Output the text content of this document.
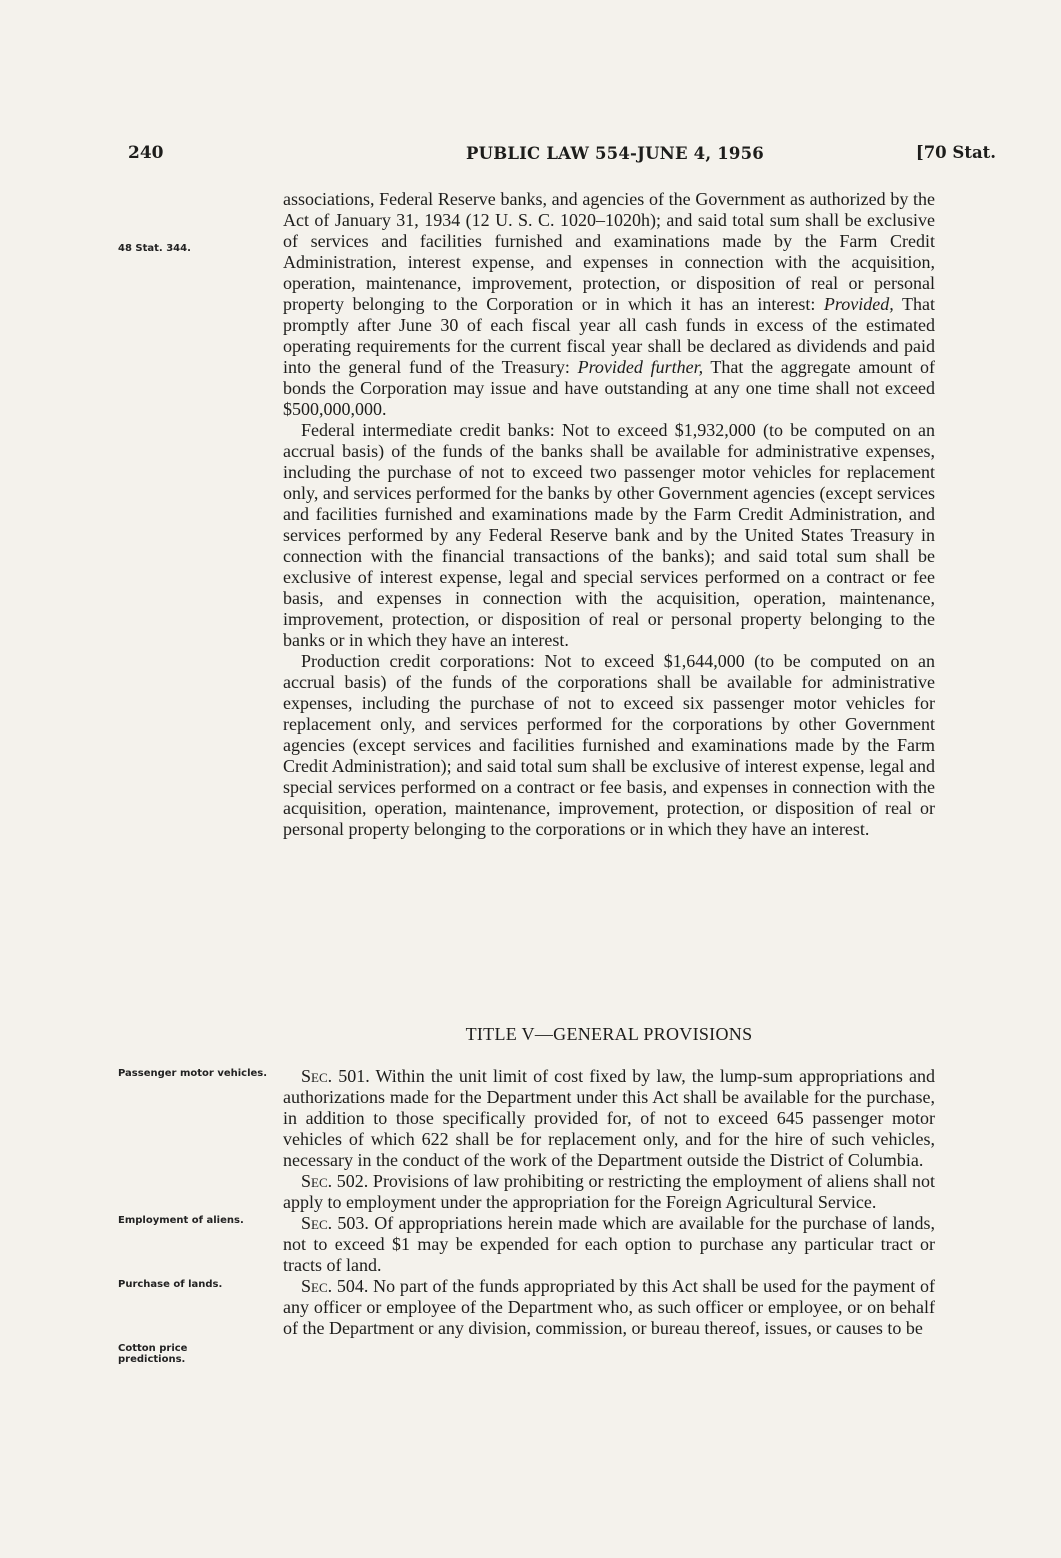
240	PUBLIC LAW 554-JUNE 4, 1956	[70 Stat.
48 Stat. 344.
Passenger motor vehicles.
Employment of aliens.
Purchase of lands.
Cotton price predictions.

associations, Federal Reserve banks, and agencies of the Government as authorized by the Act of January 31, 1934 (12 U. S. C. 1020–1020h); and said total sum shall be exclusive of services and facilities furnished and examinations made by the Farm Credit Administration, interest expense, and expenses in connection with the acquisition, operation, maintenance, improvement, protection, or disposition of real or personal property belonging to the Corporation or in which it has an interest: Provided, That promptly after June 30 of each fiscal year all cash funds in excess of the estimated operating requirements for the current fiscal year shall be declared as dividends and paid into the general fund of the Treasury: Provided further, That the aggregate amount of bonds the Corporation may issue and have outstanding at any one time shall not exceed $500,000,000.

Federal intermediate credit banks: Not to exceed $1,932,000 (to be computed on an accrual basis) of the funds of the banks shall be available for administrative expenses, including the purchase of not to exceed two passenger motor vehicles for replacement only, and services performed for the banks by other Government agencies (except services and facilities furnished and examinations made by the Farm Credit Administration, and services performed by any Federal Reserve bank and by the United States Treasury in connection with the financial transactions of the banks); and said total sum shall be exclusive of interest expense, legal and special services performed on a contract or fee basis, and expenses in connection with the acquisition, operation, maintenance, improvement, protection, or disposition of real or personal property belonging to the banks or in which they have an interest.

Production credit corporations: Not to exceed $1,644,000 (to be computed on an accrual basis) of the funds of the corporations shall be available for administrative expenses, including the purchase of not to exceed six passenger motor vehicles for replacement only, and services performed for the corporations by other Government agencies (except services and facilities furnished and examinations made by the Farm Credit Administration); and said total sum shall be exclusive of interest expense, legal and special services performed on a contract or fee basis, and expenses in connection with the acquisition, operation, maintenance, improvement, protection, or disposition of real or personal property belonging to the corporations or in which they have an interest.

TITLE V—GENERAL PROVISIONS

Sec. 501. Within the unit limit of cost fixed by law, the lump-sum appropriations and authorizations made for the Department under this Act shall be available for the purchase, in addition to those specifically provided for, of not to exceed 645 passenger motor vehicles of which 622 shall be for replacement only, and for the hire of such vehicles, necessary in the conduct of the work of the Department outside the District of Columbia.

Sec. 502. Provisions of law prohibiting or restricting the employment of aliens shall not apply to employment under the appropriation for the Foreign Agricultural Service.

Sec. 503. Of appropriations herein made which are available for the purchase of lands, not to exceed $1 may be expended for each option to purchase any particular tract or tracts of land.

Sec. 504. No part of the funds appropriated by this Act shall be used for the payment of any officer or employee of the Department who, as such officer or employee, or on behalf of the Department or any division, commission, or bureau thereof, issues, or causes to be
